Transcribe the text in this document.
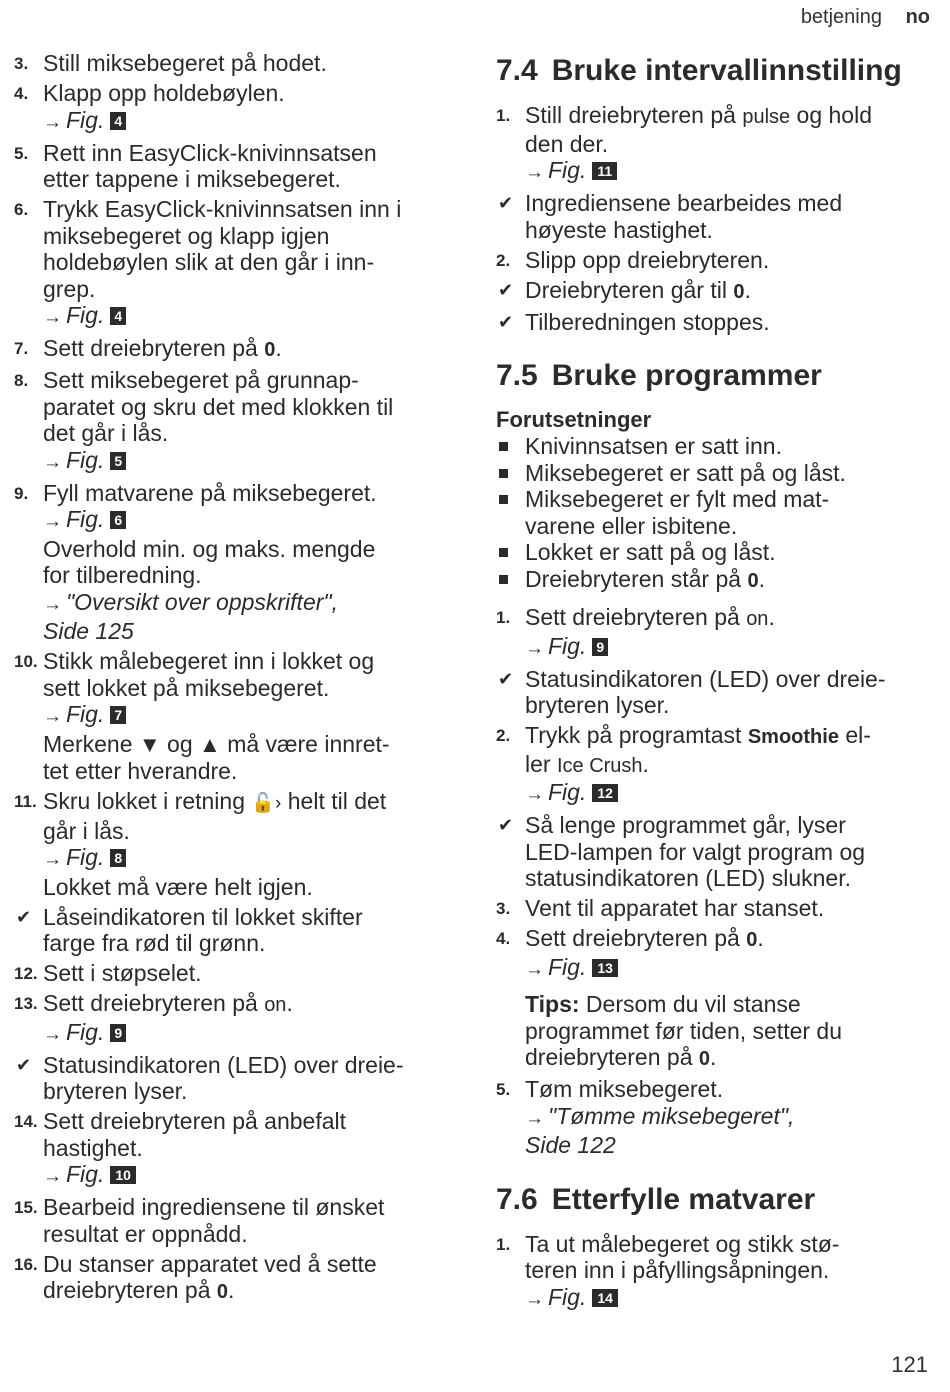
betjening no
3. Still miksebegeret på hodet.
4. Klapp opp holdebøylen.
→ Fig. 4
5. Rett inn EasyClick-knivinnsatsen
etter tappene i miksebegeret.
6. Trykk EasyClick-knivinnsatsen inn i
miksebegeret og klapp igjen
holdebøylen slik at den går i inn-
grep.
→ Fig. 4
7. Sett dreiebryteren på 0.
8. Sett miksebegeret på grunnap-
paratet og skru det med klokken til
det går i lås.
→ Fig. 5
9. Fyll matvarene på miksebegeret.
→ Fig. 6
Overhold min. og maks. mengde
for tilberedning.
→ "Oversikt over oppskrifter",
Side 125
10. Stikk målebegeret inn i lokket og
sett lokket på miksebegeret.
→ Fig. 7
Merkene ▼ og ▲ må være innret-
tet etter hverandre.
11. Skru lokket i retning 🔓› helt til det
går i lås.
→ Fig. 8
Lokket må være helt igjen.
✔ Låseindikatoren til lokket skifter
farge fra rød til grønn.
12. Sett i støpselet.
13. Sett dreiebryteren på on.
→ Fig. 9
✔ Statusindikatoren (LED) over dreie-
bryteren lyser.
14. Sett dreiebryteren på anbefalt
hastighet.
→ Fig. 10
15. Bearbeid ingrediensene til ønsket
resultat er oppnådd.
16. Du stanser apparatet ved å sette
dreiebryteren på 0.
7.4 Bruke intervallinnstilling
1. Still dreiebryteren på pulse og hold
den der.
→ Fig. 11
✔ Ingrediensene bearbeides med
høyeste hastighet.
2. Slipp opp dreiebryteren.
✔ Dreiebryteren går til 0.
✔ Tilberedningen stoppes.
7.5 Bruke programmer
Forutsetninger
Knivinnsatsen er satt inn.
Miksebegeret er satt på og låst.
Miksebegeret er fylt med mat-
varene eller isbitene.
Lokket er satt på og låst.
Dreiebryteren står på 0.
1. Sett dreiebryteren på on.
→ Fig. 9
✔ Statusindikatoren (LED) over dreie-
bryteren lyser.
2. Trykk på programtast Smoothie el-
ler Ice Crush.
→ Fig. 12
✔ Så lenge programmet går, lyser
LED-lampen for valgt program og
statusindikatoren (LED) slukner.
3. Vent til apparatet har stanset.
4. Sett dreiebryteren på 0.
→ Fig. 13
Tips: Dersom du vil stanse
programmet før tiden, setter du
dreiebryteren på 0.
5. Tøm miksebegeret.
→ "Tømme miksebegeret",
Side 122
7.6 Etterfylle matvarer
1. Ta ut målebegeret og stikk stø-
teren inn i påfyllingsåpningen.
→ Fig. 14
121
